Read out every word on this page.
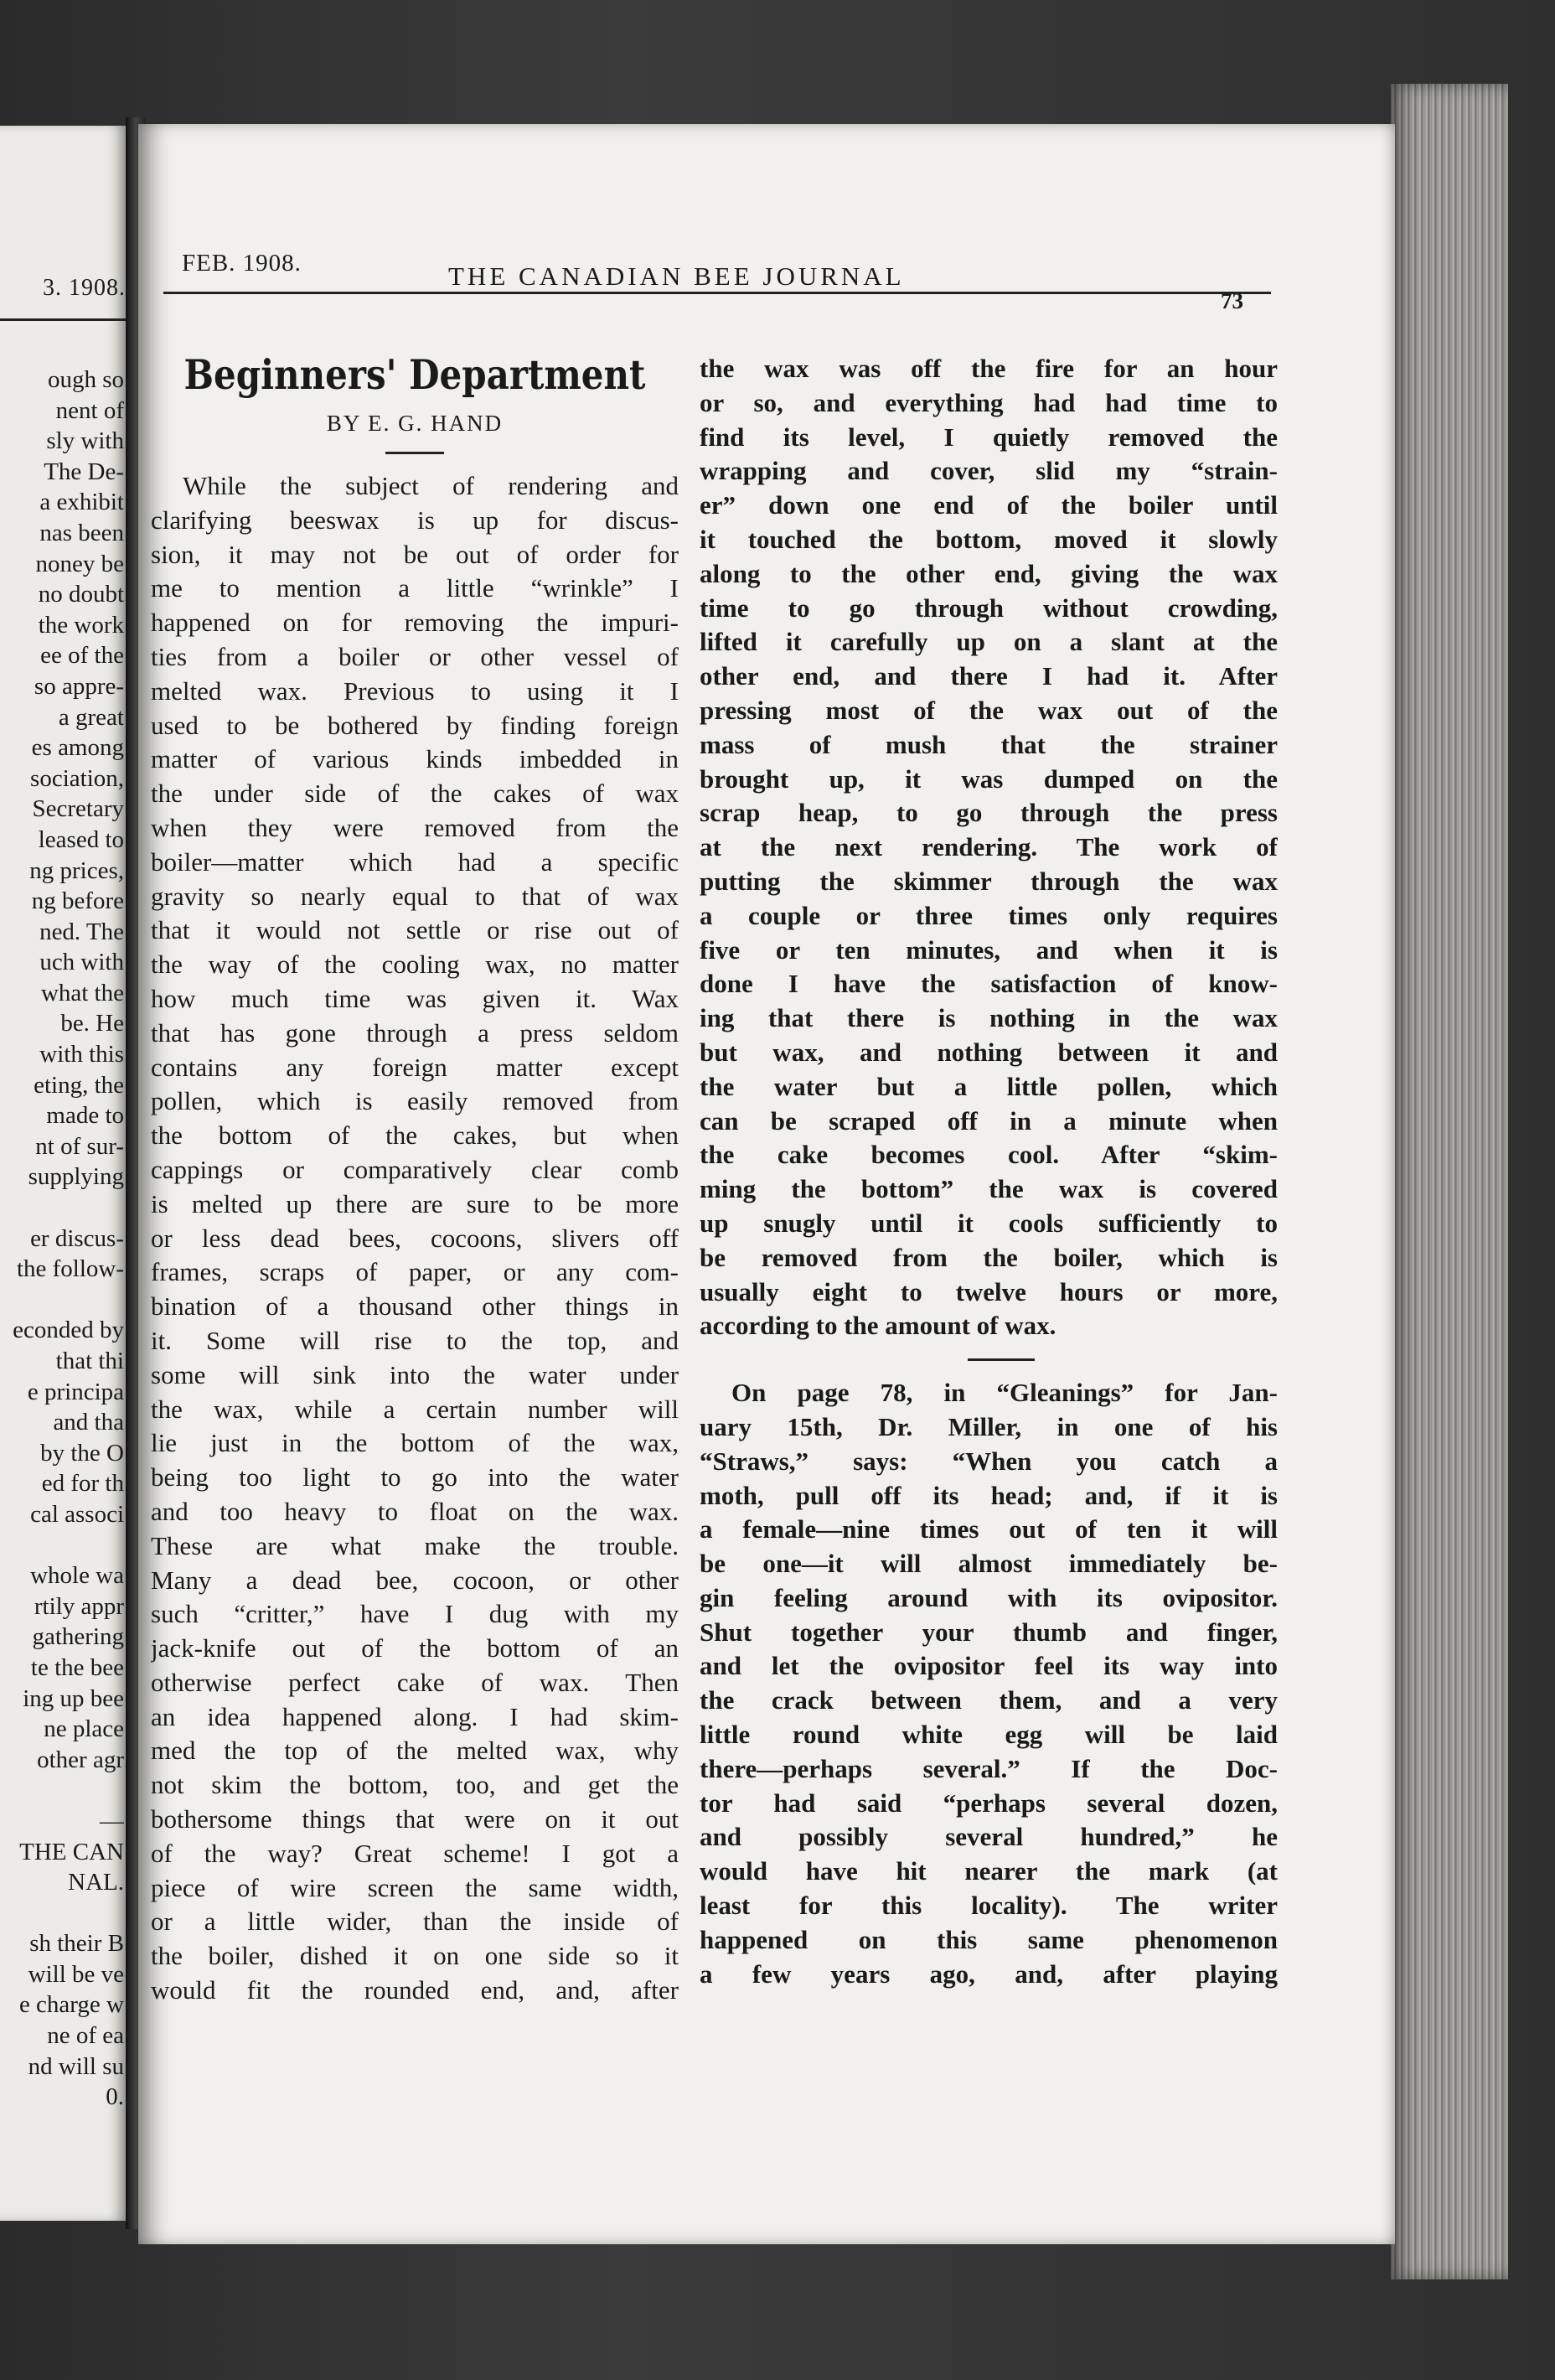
3. 1908.
ough so
nent of
sly with
The De-
a exhibit
nas been
noney be
no doubt
the work
ee of the
so appre-
a great
es among
sociation,
Secretary
leased to
ng prices,
ng before
ned. The
uch with
what the
be. He
with this
eting, the
made to
nt of sur-
supplying
er discus-
the follow-
econded by
that thi
e principa
and tha
by the O
ed for th
cal associ
whole wa
rtily appr
gathering
te the bee
ing up bee
ne place
other agr
—
THE CAN
NAL.
sh their B
will be ve
e charge w
ne of ea
nd will su
0.
FEB. 1908.	THE CANADIAN BEE JOURNAL
73
Beginners' Department
BY E. G. HAND
While the subject of rendering and
clarifying beeswax is up for discus-
sion, it may not be out of order for
me to mention a little “wrinkle” I
happened on for removing the impuri-
ties from a boiler or other vessel of
melted wax. Previous to using it I
used to be bothered by finding foreign
matter of various kinds imbedded in
the under side of the cakes of wax
when they were removed from the
boiler—matter which had a specific
gravity so nearly equal to that of wax
that it would not settle or rise out of
the way of the cooling wax, no matter
how much time was given it. Wax
that has gone through a press seldom
contains any foreign matter except
pollen, which is easily removed from
the bottom of the cakes, but when
cappings or comparatively clear comb
is melted up there are sure to be more
or less dead bees, cocoons, slivers off
frames, scraps of paper, or any com-
bination of a thousand other things in
it. Some will rise to the top, and
some will sink into the water under
the wax, while a certain number will
lie just in the bottom of the wax,
being too light to go into the water
and too heavy to float on the wax.
These are what make the trouble.
Many a dead bee, cocoon, or other
such “critter,” have I dug with my
jack-knife out of the bottom of an
otherwise perfect cake of wax. Then
an idea happened along. I had skim-
med the top of the melted wax, why
not skim the bottom, too, and get the
bothersome things that were on it out
of the way? Great scheme! I got a
piece of wire screen the same width,
or a little wider, than the inside of
the boiler, dished it on one side so it
would fit the rounded end, and, after
the wax was off the fire for an hour
or so, and everything had had time to
find its level, I quietly removed the
wrapping and cover, slid my “strain-
er” down one end of the boiler until
it touched the bottom, moved it slowly
along to the other end, giving the wax
time to go through without crowding,
lifted it carefully up on a slant at the
other end, and there I had it. After
pressing most of the wax out of the
mass of mush that the strainer
brought up, it was dumped on the
scrap heap, to go through the press
at the next rendering. The work of
putting the skimmer through the wax
a couple or three times only requires
five or ten minutes, and when it is
done I have the satisfaction of know-
ing that there is nothing in the wax
but wax, and nothing between it and
the water but a little pollen, which
can be scraped off in a minute when
the cake becomes cool. After “skim-
ming the bottom” the wax is covered
up snugly until it cools sufficiently to
be removed from the boiler, which is
usually eight to twelve hours or more,
according to the amount of wax.
On page 78, in “Gleanings” for Jan-
uary 15th, Dr. Miller, in one of his
“Straws,” says: “When you catch a
moth, pull off its head; and, if it is
a female—nine times out of ten it will
be one—it will almost immediately be-
gin feeling around with its ovipositor.
Shut together your thumb and finger,
and let the ovipositor feel its way into
the crack between them, and a very
little round white egg will be laid
there—perhaps several.” If the Doc-
tor had said “perhaps several dozen,
and possibly several hundred,” he
would have hit nearer the mark (at
least for this locality). The writer
happened on this same phenomenon
a few years ago, and, after playing
